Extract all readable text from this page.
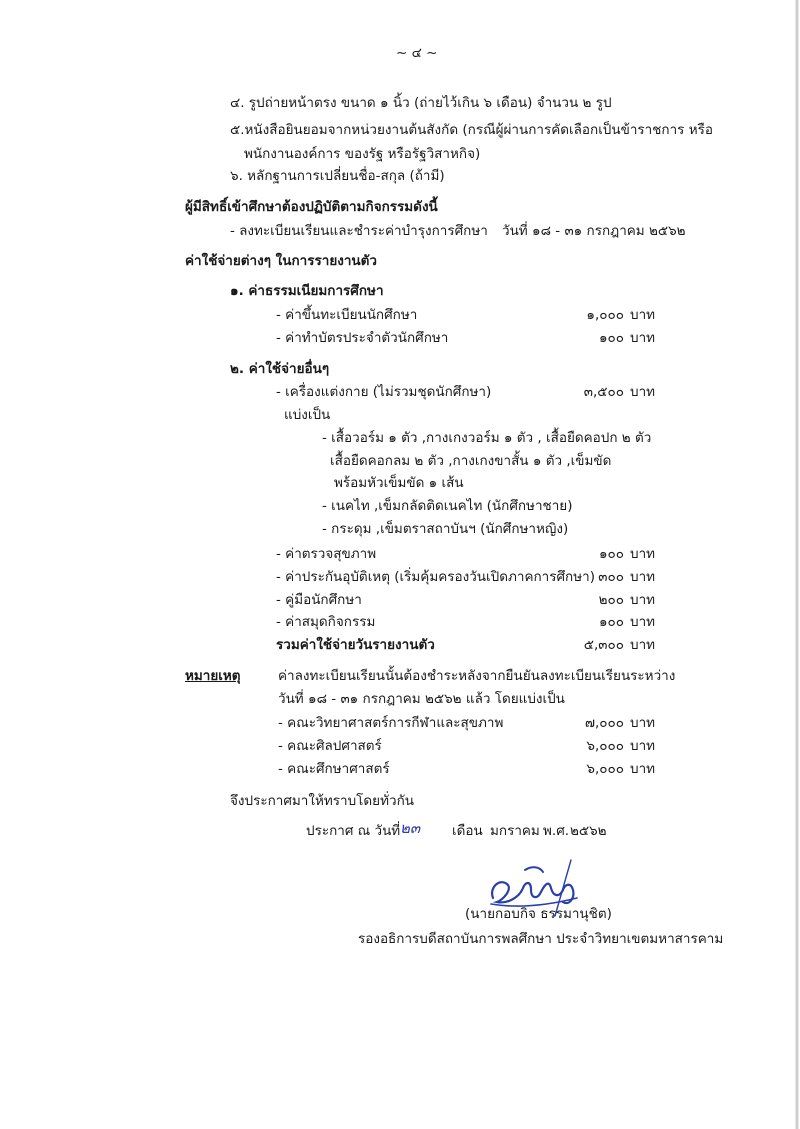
~ ๔ ~
๔. รูปถ่ายหน้าตรง ขนาด ๑ นิ้ว (ถ่ายไว้เกิน ๖ เดือน) จำนวน ๒ รูป
๕.หนังสือยินยอมจากหน่วยงานต้นสังกัด (กรณีผู้ผ่านการคัดเลือกเป็นข้าราชการ หรือ
พนักงานองค์การ ของรัฐ หรือรัฐวิสาหกิจ)
๖. หลักฐานการเปลี่ยนชื่อ-สกุล (ถ้ามี)
ผู้มีสิทธิ์เข้าศึกษาต้องปฏิบัติตามกิจกรรมดังนี้
- ลงทะเบียนเรียนและชำระค่าบำรุงการศึกษา วันที่ ๑๘ - ๓๑ กรกฎาคม ๒๕๖๒
ค่าใช้จ่ายต่างๆ ในการรายงานตัว
๑. ค่าธรรมเนียมการศึกษา
- ค่าขึ้นทะเบียนนักศึกษา	๑,๐๐๐ บาท
- ค่าทำบัตรประจำตัวนักศึกษา	๑๐๐ บาท
๒. ค่าใช้จ่ายอื่นๆ
- เครื่องแต่งกาย (ไม่รวมชุดนักศึกษา)	๓,๕๐๐ บาท
แบ่งเป็น
- เสื้อวอร์ม ๑ ตัว ,กางเกงวอร์ม ๑ ตัว , เสื้อยืดคอปก ๒ ตัว
เสื้อยืดคอกลม ๒ ตัว ,กางเกงขาสั้น ๑ ตัว ,เข็มขัด
พร้อมหัวเข็มขัด ๑ เส้น
- เนคไท ,เข็มกลัดติดเนคไท (นักศึกษาชาย)
- กระดุม ,เข็มตราสถาบันฯ (นักศึกษาหญิง)
- ค่าตรวจสุขภาพ	๑๐๐ บาท
- ค่าประกันอุบัติเหตุ (เริ่มคุ้มครองวันเปิดภาคการศึกษา) ๓๐๐ บาท
- คู่มือนักศึกษา	๒๐๐ บาท
- ค่าสมุดกิจกรรม	๑๐๐ บาท
รวมค่าใช้จ่ายวันรายงานตัว	๕,๓๐๐ บาท
หมายเหตุ	ค่าลงทะเบียนเรียนนั้นต้องชำระหลังจากยืนยันลงทะเบียนเรียนระหว่าง
วันที่ ๑๘ - ๓๑ กรกฎาคม ๒๕๖๒ แล้ว โดยแบ่งเป็น
- คณะวิทยาศาสตร์การกีฬาและสุขภาพ	๗,๐๐๐ บาท
- คณะศิลปศาสตร์	๖,๐๐๐ บาท
- คณะศึกษาศาสตร์	๖,๐๐๐ บาท
จึงประกาศมาให้ทราบโดยทั่วกัน
ประกาศ ณ วันที่ ๒๓ เดือน มกราคม พ.ศ. ๒๕๖๒
(นายกอบกิจ ธรรมานุชิต)
รองอธิการบดีสถาบันการพลศึกษา ประจำวิทยาเขตมหาสารคาม
